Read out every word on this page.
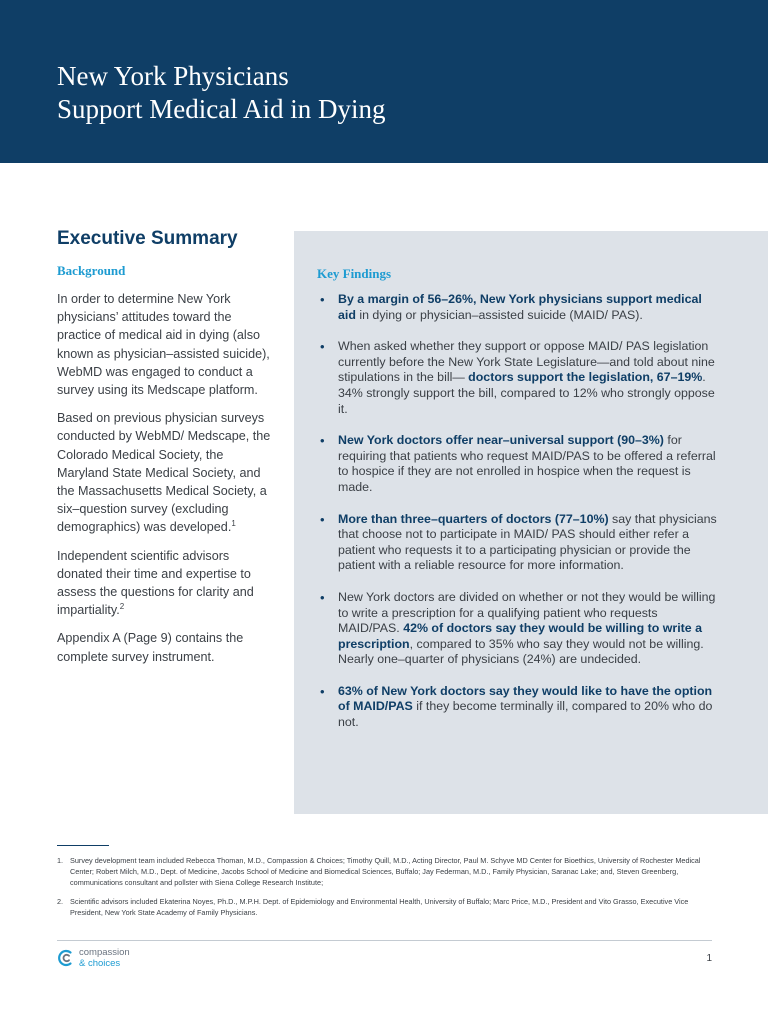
New York Physicians
Support Medical Aid in Dying
Executive Summary
Background

In order to determine New York physicians’ attitudes toward the practice of medical aid in dying (also known as physician–assisted suicide), WebMD was engaged to conduct a survey using its Medscape platform.

Based on previous physician surveys conducted by WebMD/ Medscape, the Colorado Medical Society, the Maryland State Medical Society, and the Massachusetts Medical Society, a six–question survey (excluding demographics) was developed.$^1$

Independent scientific advisors donated their time and expertise to assess the questions for clarity and impartiality.$^2$

Appendix A (Page 9) contains the complete survey instrument.

Key Findings
• By a margin of 56–26%, New York physicians support medical aid in dying or physician–assisted suicide (MAID/ PAS).
• When asked whether they support or oppose MAID/ PAS legislation currently before the New York State Legislature—and told about nine stipulations in the bill— doctors support the legislation, 67–19%. 34% strongly support the bill, compared to 12% who strongly oppose it.
• New York doctors offer near–universal support (90–3%) for requiring that patients who request MAID/PAS to be offered a referral to hospice if they are not enrolled in hospice when the request is made.
• More than three–quarters of doctors (77–10%) say that physicians that choose not to participate in MAID/ PAS should either refer a patient who requests it to a participating physician or provide the patient with a reliable resource for more information.
• New York doctors are divided on whether or not they would be willing to write a prescription for a qualifying patient who requests MAID/PAS. 42% of doctors say they would be willing to write a prescription, compared to 35% who say they would not be willing. Nearly one–quarter of physicians (24%) are undecided.
• 63% of New York doctors say they would like to have the option of MAID/PAS if they become terminally ill, compared to 20% who do not.
1. Survey development team included Rebecca Thoman, M.D., Compassion & Choices; Timothy Quill, M.D., Acting Director, Paul M. Schyve MD Center for Bioethics, University of Rochester Medical Center; Robert Milch, M.D., Dept. of Medicine, Jacobs School of Medicine and Biomedical Sciences, Buffalo; Jay Federman, M.D., Family Physician, Saranac Lake; and, Steven Greenberg, communications consultant and pollster with Siena College Research Institute;
2. Scientific advisors included Ekaterina Noyes, Ph.D., M.P.H. Dept. of Epidemiology and Environmental Health, University of Buffalo; Marc Price, M.D., President and Vito Grasso, Executive Vice President, New York State Academy of Family Physicians.
compassion
& choices	1
